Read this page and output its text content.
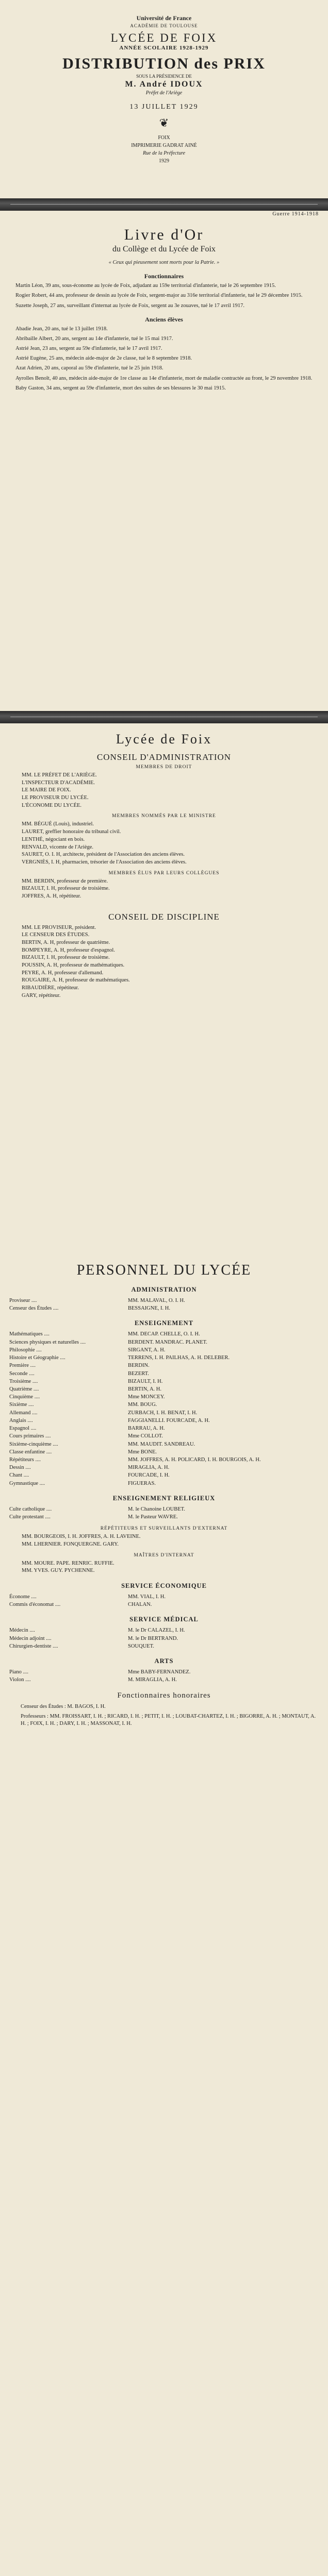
Université de France
ACADÉMIE DE TOULOUSE
LYCÉE DE FOIX
ANNÉE SCOLAIRE 1928-1929
DISTRIBUTION des PRIX
SOUS LA PRÉSIDENCE DE
M. André IDOUX
Préfet de l'Ariège
13 JUILLET 1929
❦
FOIX
IMPRIMERIE GADRAT AINÉ
Rue de la Préfecture
1929
Guerre 1914-1918
Livre d'Or
du Collège et du Lycée de Foix
« Ceux qui pieusement sont morts pour la Patrie. »
Fonctionnaires
Martin Léon, 39 ans, sous-économe au lycée de Foix, adjudant au 159e territorial d'infanterie, tué le 26 septembre 1915.
Rogier Robert, 44 ans, professeur de dessin au lycée de Foix, sergent-major au 316e territorial d'infanterie, tué le 29 décembre 1915.
Suzette Joseph, 27 ans, surveillant d'internat au lycée de Foix, sergent au 3e zouaves, tué le 17 avril 1917.
Anciens élèves
Abadie Jean, 20 ans, tué le 13 juillet 1918.
Abribaille Albert, 20 ans, sergent au 14e d'infanterie, tué le 15 mai 1917.
Astrié Jean, 23 ans, sergent au 59e d'infanterie, tué le 17 avril 1917.
Astrié Eugène, 25 ans, médecin aide-major de 2e classe, tué le 8 septembre 1918.
Azat Adrien, 20 ans, caporal au 59e d'infanterie, tué le 25 juin 1918.
Ayrolles Benoît, 40 ans, médecin aide-major de 1re classe au 14e d'infanterie, mort de maladie contractée au front, le 29 novembre 1918.
Baby Gaston, 34 ans, sergent au 59e d'infanterie, mort des suites de ses blessures le 30 mai 1915.
Lycée de Foix
CONSEIL D'ADMINISTRATION
MEMBRES DE DROIT
MM. LE PRÉFET DE L'ARIÈGE.
L'INSPECTEUR D'ACADÉMIE.
LE MAIRE DE FOIX.
LE PROVISEUR DU LYCÉE.
L'ÉCONOME DU LYCÉE.
MEMBRES NOMMÉS PAR LE MINISTRE
MM. BÉGUÉ (Louis), industriel.
LAURET, greffier honoraire du tribunal civil.
LENTHÉ, négociant en bois.
RENVALD, vicomte de l'Ariège.
SAURET, O. I. H, architecte, président de l'Association des anciens élèves.
VERGNIÈS, I. H, pharmacien, trésorier de l'Association des anciens élèves.
MEMBRES ÉLUS PAR LEURS COLLÈGUES
MM. BERDIN, professeur de première.
BIZAULT, I. H, professeur de troisième.
JOFFRES, A. H, répétiteur.
CONSEIL DE DISCIPLINE
MM. LE PROVISEUR, président.
LE CENSEUR DES ÉTUDES.
BERTIN, A. H, professeur de quatrième.
BOMPEYRE, A. H, professeur d'espagnol.
BIZAULT, I. H, professeur de troisième.
POUSSIN, A. H, professeur de mathématiques.
PEYRE, A. H, professeur d'allemand.
ROUGAIRE, A. H, professeur de mathématiques.
RIBAUDIÈRE, répétiteur.
GARY, répétiteur.
PERSONNEL DU LYCÉE
ADMINISTRATION
Proviseur ....	MM. MALAVAL, O. I. H.
Censeur des Études ....	BESSAIGNE, I. H.
ENSEIGNEMENT
Mathématiques ....	MM. DECAP. CHELLE, O. I. H.
Sciences physiques et naturelles ....	BERDENT. MANDRAC. PLANET.
Philosophie ....	SIRGANT, A. H.
Histoire et Géographie ....	TERRENS, I. H. PAILHAS, A. H. DELEBER.
Première ....	BERDIN.
Seconde ....	BEZERT.
Troisième ....	BIZAULT, I. H.
Quatrième ....	BERTIN, A. H.
Cinquième ....	Mme MONCEY.
Sixième ....	MM. BOUG.
Allemand ....	ZURBACH, I. H. BENAT, I. H.
Anglais ....	FAGGIANELLI. FOURCADE, A. H.
Espagnol ....	BARRAU, A. H.
Cours primaires ....	Mme COLLOT.
Sixième-cinquième ....	MM. MAUDIT. SANDREAU.
Classe enfantine ....	Mme BONE.
Répétiteurs ....	MM. JOFFRES, A. H. POLICARD, I. H. BOURGOIS, A. H.
Dessin ....	MIRAGLIA, A. H.
Chant ....	FOURCADE, I. H.
Gymnastique ....	FIGUERAS.
ENSEIGNEMENT RELIGIEUX
Culte catholique ....	M. le Chanoine LOUBET.
Culte protestant ....	M. le Pasteur WAVRE.
RÉPÉTITEURS ET SURVEILLANTS D'EXTERNAT
MM. BOURGEOIS, I. H. JOFFRES, A. H. LAVEINE.
MM. LHERNIER. FONQUERGNE. GARY.
MAÎTRES D'INTERNAT
MM. MOURE. PAPE. RENRIC. RUFFIE.
MM. YVES. GUY. PYCHENNE.
SERVICE ÉCONOMIQUE
Économe ....	MM. VIAL, I. H.
Commis d'économat ....	CHALAN.
SERVICE MÉDICAL
Médecin ....	M. le Dr CALAZEL, I. H.
Médecin adjoint ....	M. le Dr BERTRAND.
Chirurgien-dentiste ....	SOUQUET.
ARTS
Piano ....	Mme BABY-FERNANDEZ.
Violon ....	M. MIRAGLIA, A. H.
Fonctionnaires honoraires
Censeur des Études : M. BAGOS, I. H.
Professeurs : MM. FROISSART, I. H. ; RICARD, I. H. ; PETIT, I. H. ; LOUBAT-CHARTEZ, I. H. ; BIGORRE, A. H. ; MONTAUT, A. H. ; FOIX, I. H. ; DARY, I. H. ; MASSONAT, I. H.
